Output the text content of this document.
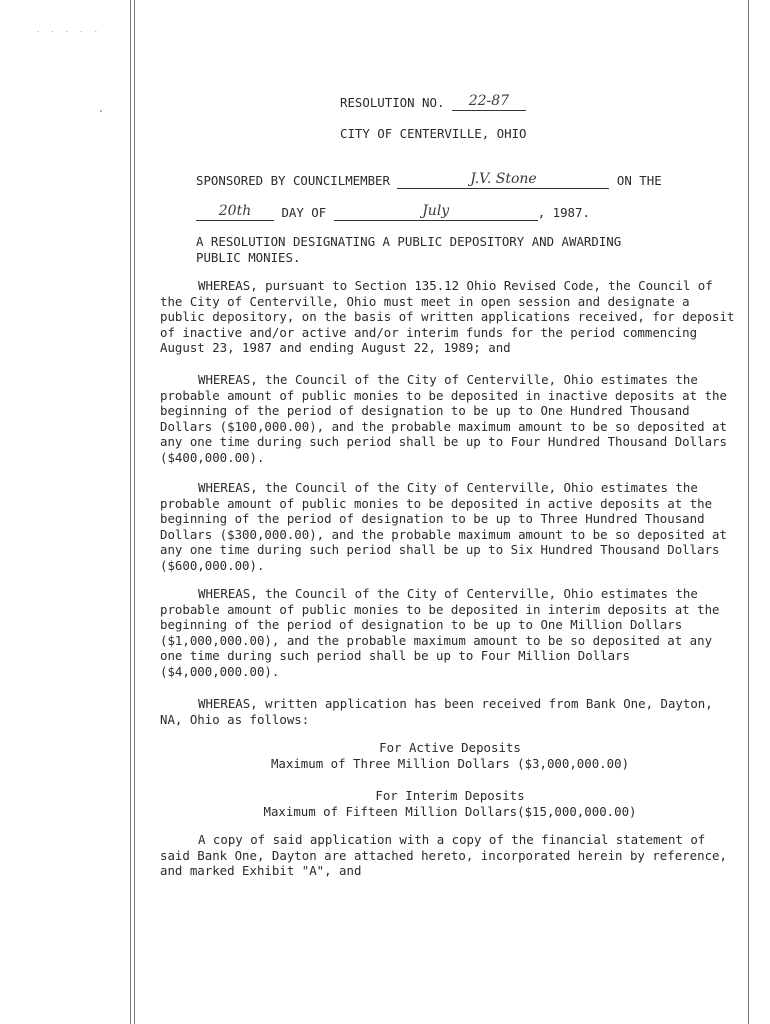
. . . . .
RESOLUTION NO. 22-87
CITY OF CENTERVILLE, OHIO
SPONSORED BY COUNCILMEMBER	J.V. Stone	ON THE
20th DAY OF	July	, 1987.
A RESOLUTION DESIGNATING A PUBLIC DEPOSITORY AND AWARDING
PUBLIC MONIES.

WHEREAS, pursuant to Section 135.12 Ohio Revised Code, the Council of the City of Centerville, Ohio must meet in open session and designate a public depository, on the basis of written applications received, for deposit of inactive and/or active and/or interim funds for the period commencing August 23, 1987 and ending August 22, 1989; and

WHEREAS, the Council of the City of Centerville, Ohio estimates the probable amount of public monies to be deposited in inactive deposits at the beginning of the period of designation to be up to One Hundred Thousand Dollars ($100,000.00), and the probable maximum amount to be so deposited at any one time during such period shall be up to Four Hundred Thousand Dollars ($400,000.00).

WHEREAS, the Council of the City of Centerville, Ohio estimates the probable amount of public monies to be deposited in active deposits at the beginning of the period of designation to be up to Three Hundred Thousand Dollars ($300,000.00), and the probable maximum amount to be so deposited at any one time during such period shall be up to Six Hundred Thousand Dollars ($600,000.00).

WHEREAS, the Council of the City of Centerville, Ohio estimates the probable amount of public monies to be deposited in interim deposits at the beginning of the period of designation to be up to One Million Dollars ($1,000,000.00), and the probable maximum amount to be so deposited at any one time during such period shall be up to Four Million Dollars ($4,000,000.00).

WHEREAS, written application has been received from Bank One, Dayton, NA, Ohio as follows:

For Active Deposits
Maximum of Three Million Dollars ($3,000,000.00)
For Interim Deposits
Maximum of Fifteen Million Dollars($15,000,000.00)

A copy of said application with a copy of the financial statement of said Bank One, Dayton are attached hereto, incorporated herein by reference, and marked Exhibit "A", and
